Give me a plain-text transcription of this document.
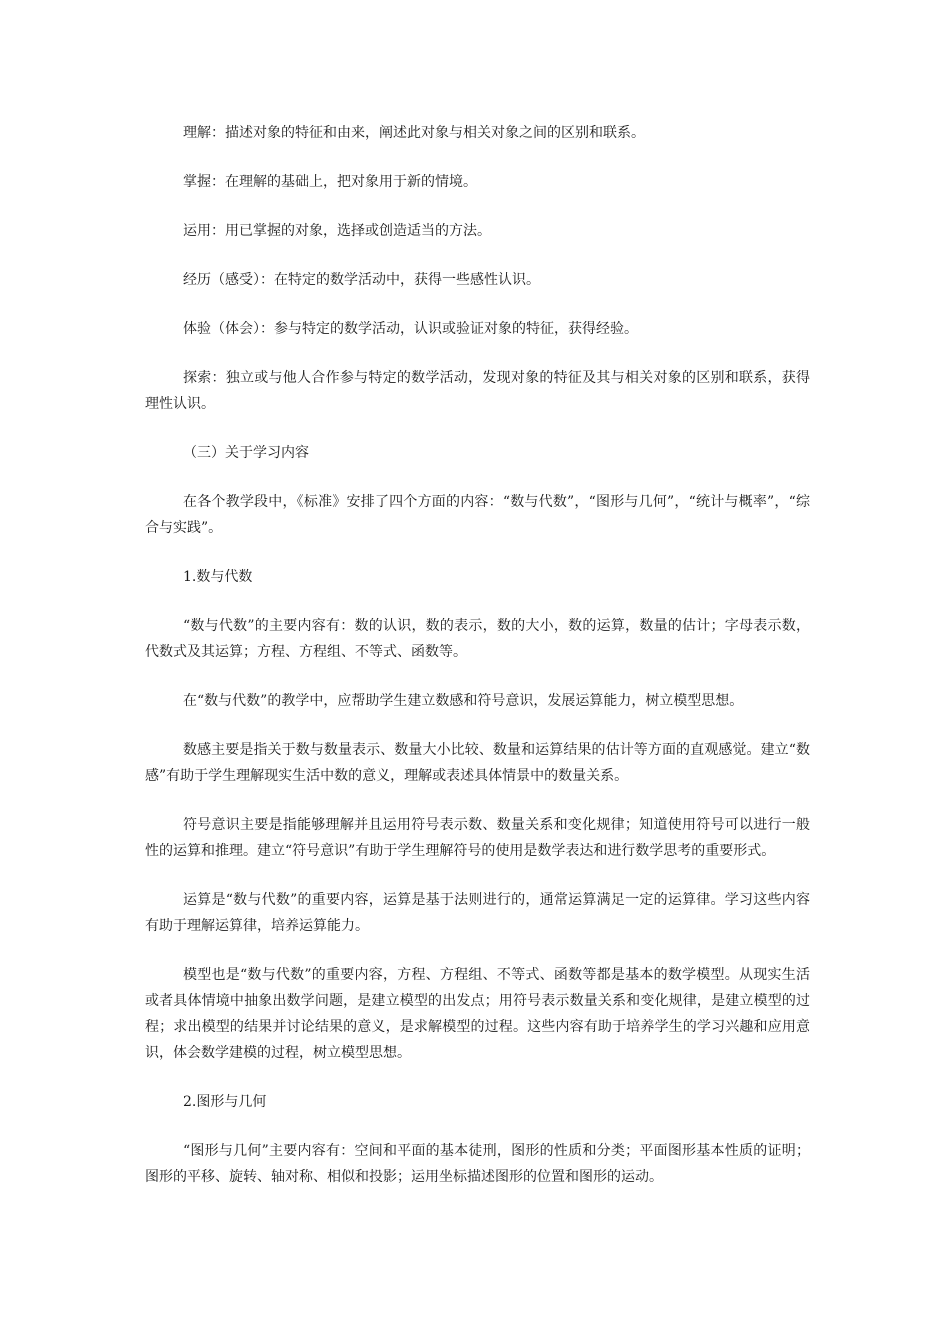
理解：描述对象的特征和由来，阐述此对象与相关对象之间的区别和联系。

掌握：在理解的基础上，把对象用于新的情境。

运用：用已掌握的对象，选择或创造适当的方法。

经历（感受）：在特定的数学活动中，获得一些感性认识。

体验（体会）：参与特定的数学活动，认识或验证对象的特征，获得经验。

探索：独立或与他人合作参与特定的数学活动，发现对象的特征及其与相关对象的区别和联系，获得理性认识。

（三）关于学习内容

在各个教学段中，《标准》安排了四个方面的内容：“数与代数”，“图形与几何”，“统计与概率”，“综合与实践”。

1.数与代数

“数与代数”的主要内容有：数的认识，数的表示，数的大小，数的运算，数量的估计；字母表示数，代数式及其运算；方程、方程组、不等式、函数等。

在“数与代数”的教学中，应帮助学生建立数感和符号意识，发展运算能力，树立模型思想。

数感主要是指关于数与数量表示、数量大小比较、数量和运算结果的估计等方面的直观感觉。建立“数感”有助于学生理解现实生活中数的意义，理解或表述具体情景中的数量关系。

符号意识主要是指能够理解并且运用符号表示数、数量关系和变化规律；知道使用符号可以进行一般性的运算和推理。建立“符号意识”有助于学生理解符号的使用是数学表达和进行数学思考的重要形式。

运算是“数与代数”的重要内容，运算是基于法则进行的，通常运算满足一定的运算律。学习这些内容有助于理解运算律，培养运算能力。

模型也是“数与代数”的重要内容，方程、方程组、不等式、函数等都是基本的数学模型。从现实生活或者具体情境中抽象出数学问题，是建立模型的出发点；用符号表示数量关系和变化规律，是建立模型的过程；求出模型的结果并讨论结果的意义，是求解模型的过程。这些内容有助于培养学生的学习兴趣和应用意识，体会数学建模的过程，树立模型思想。

2.图形与几何

“图形与几何”主要内容有：空间和平面的基本徒刑，图形的性质和分类；平面图形基本性质的证明；图形的平移、旋转、轴对称、相似和投影；运用坐标描述图形的位置和图形的运动。
